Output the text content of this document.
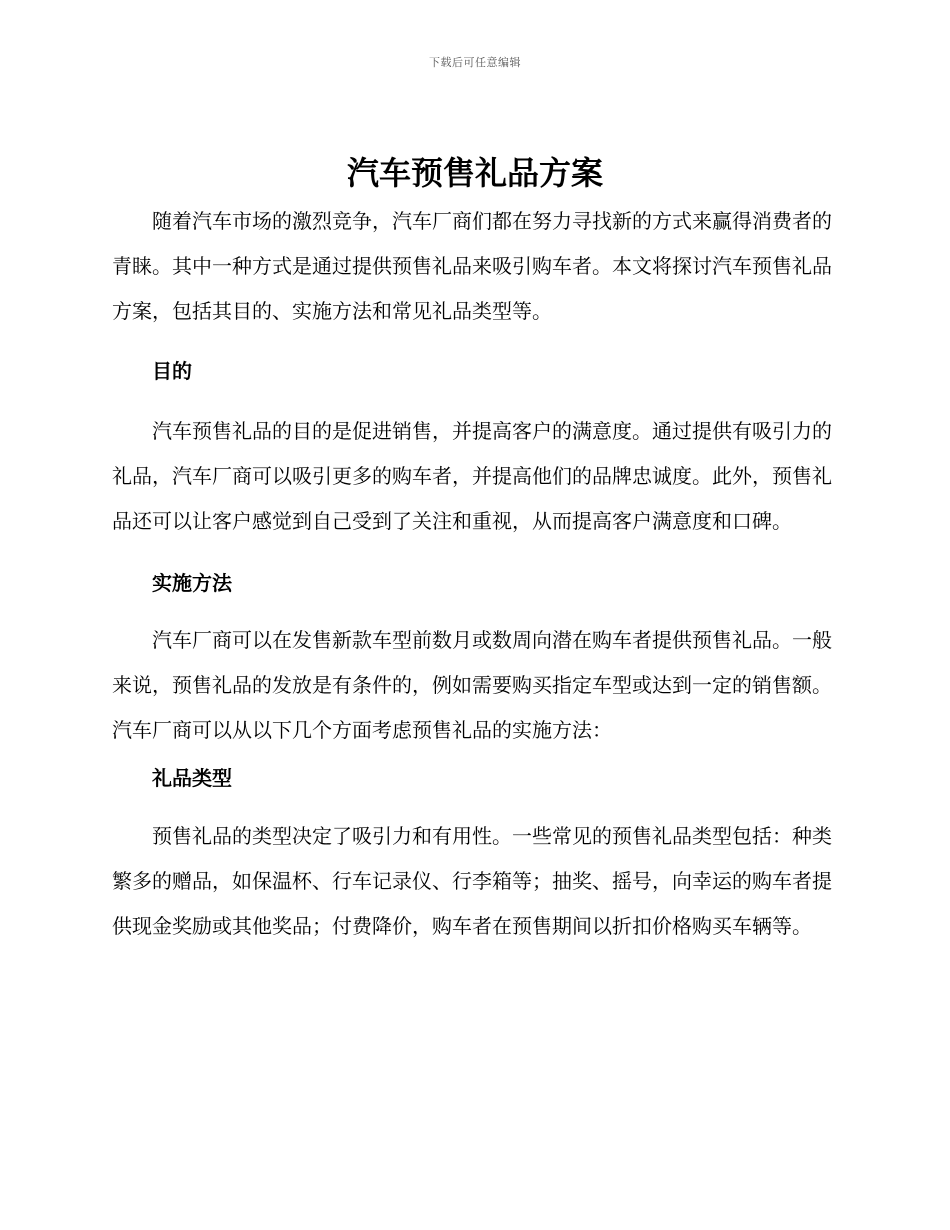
下载后可任意编辑
汽车预售礼品方案

随着汽车市场的激烈竞争，汽车厂商们都在努力寻找新的方式来赢得消费者的青睐。其中一种方式是通过提供预售礼品来吸引购车者。本文将探讨汽车预售礼品方案，包括其目的、实施方法和常见礼品类型等。

目的

汽车预售礼品的目的是促进销售，并提高客户的满意度。通过提供有吸引力的礼品，汽车厂商可以吸引更多的购车者，并提高他们的品牌忠诚度。此外，预售礼品还可以让客户感觉到自己受到了关注和重视，从而提高客户满意度和口碑。

实施方法

汽车厂商可以在发售新款车型前数月或数周向潜在购车者提供预售礼品。一般来说，预售礼品的发放是有条件的，例如需要购买指定车型或达到一定的销售额。汽车厂商可以从以下几个方面考虑预售礼品的实施方法：

礼品类型

预售礼品的类型决定了吸引力和有用性。一些常见的预售礼品类型包括：种类繁多的赠品，如保温杯、行车记录仪、行李箱等；抽奖、摇号，向幸运的购车者提供现金奖励或其他奖品；付费降价，购车者在预售期间以折扣价格购买车辆等。
